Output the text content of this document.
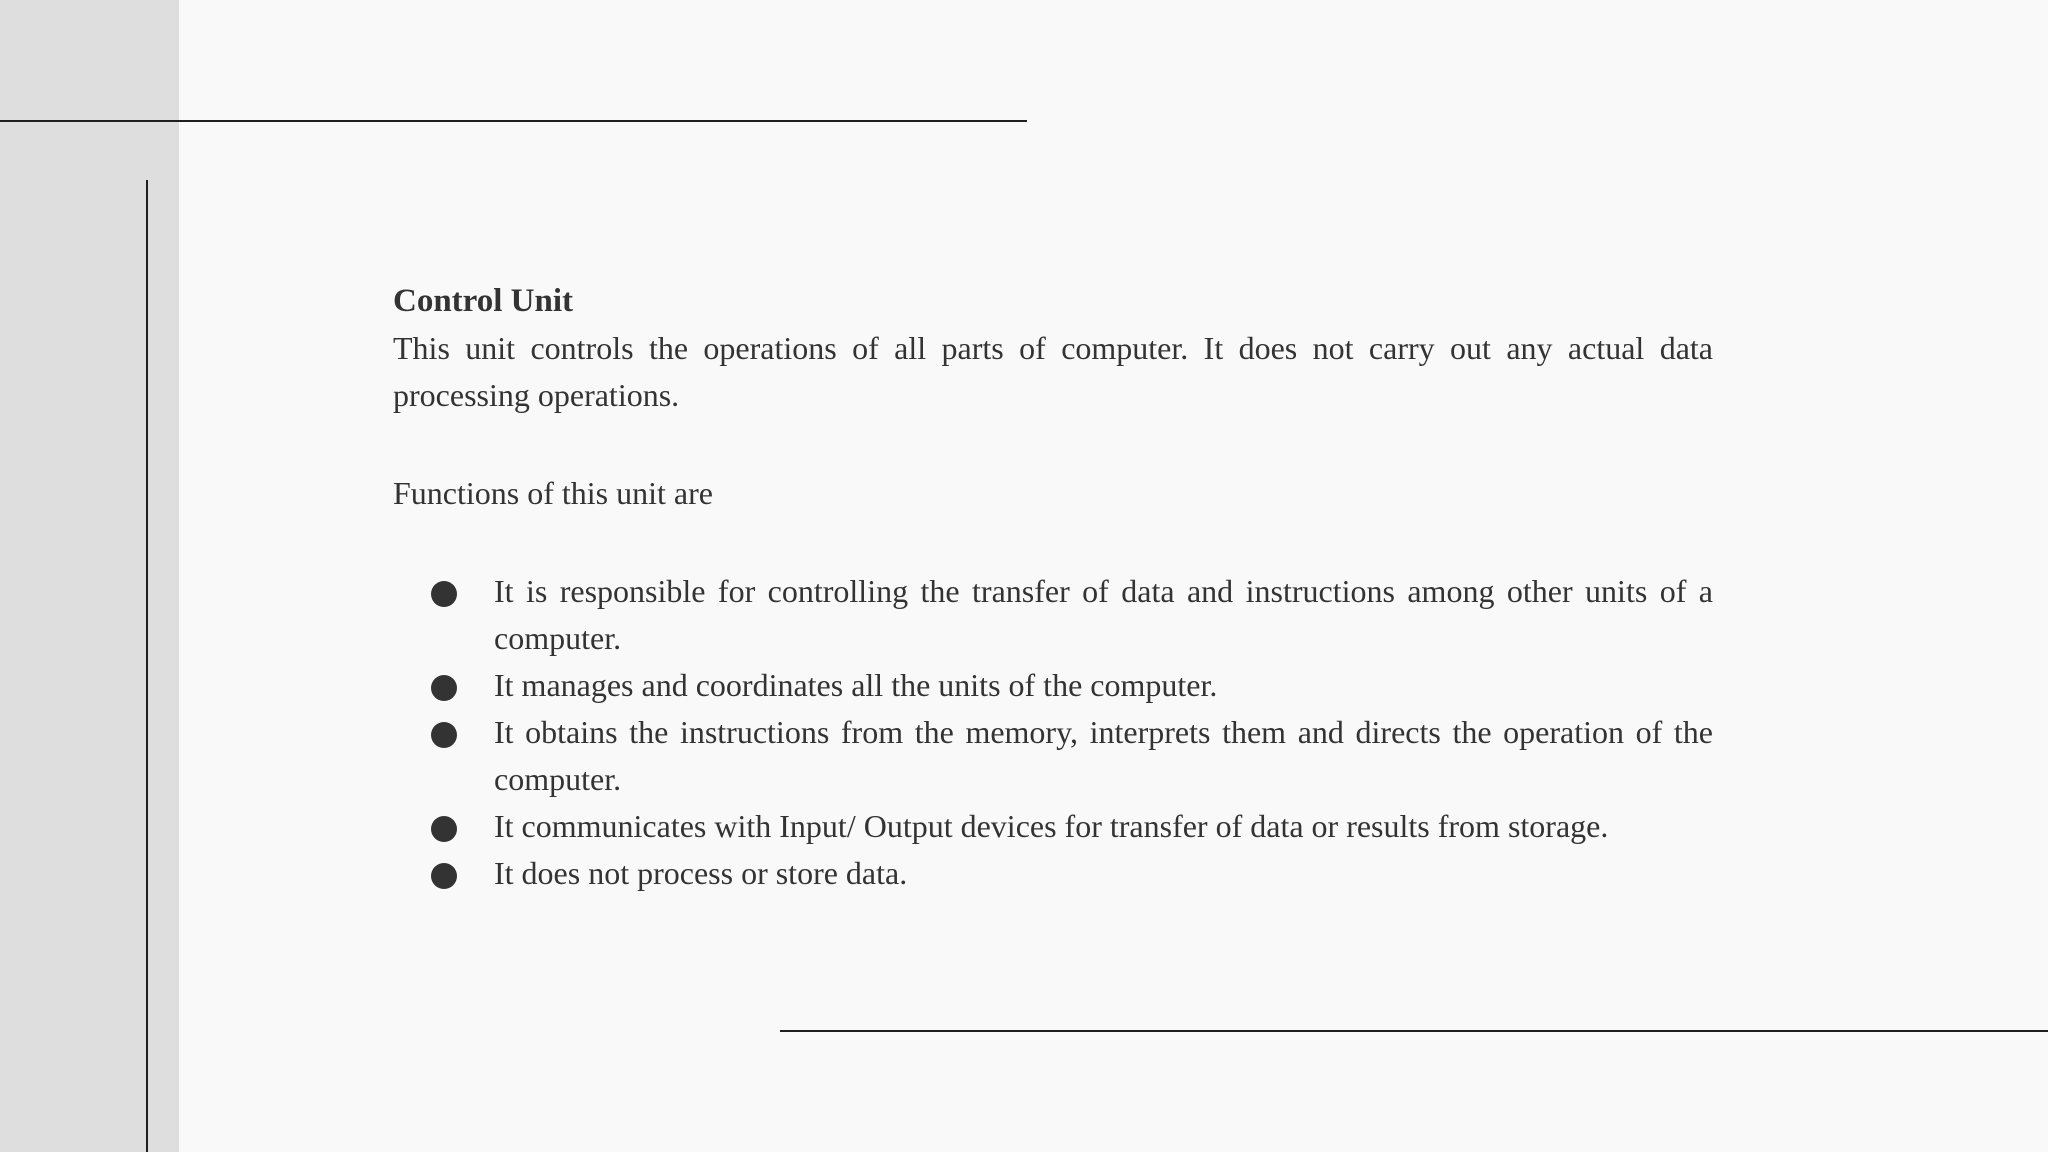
Control Unit

This unit controls the operations of all parts of computer. It does not carry out any actual data processing operations.

Functions of this unit are

It is responsible for controlling the transfer of data and instructions among other units of a computer.
It manages and coordinates all the units of the computer.
It obtains the instructions from the memory, interprets them and directs the operation of the computer.
It communicates with Input/ Output devices for transfer of data or results from storage.
It does not process or store data.
